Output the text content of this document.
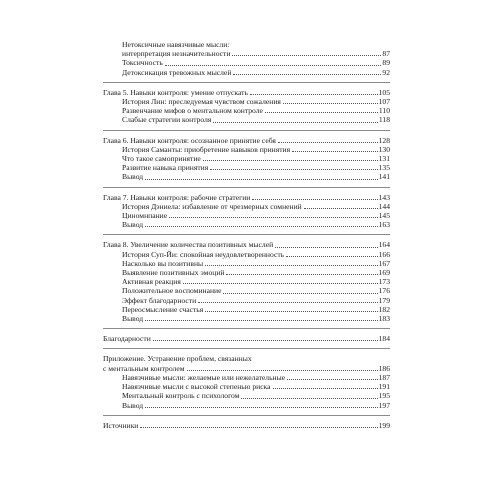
Нетоксичные навязчивые мысли:
интерпретация незначительности	87
Токсичность	89
Детоксикация тревожных мыслей	92
Глава 5. Навыки контроля: умение отпускать	105
История Лин: преследуемая чувством сожаления	107
Развенчание мифов о ментальном контроле	110
Слабые стратегии контроля	118
Глава 6. Навыки контроля: осознанное принятие себя	128
История Саманты: приобретение навыков принятия	130
Что такое самопринятие	131
Развитие навыка принятия	135
Вывод	141
Глава 7. Навыки контроля: рабочие стратегии	143
История Дэниела: избавление от чрезмерных сомнений	144
Циномнпание	145
Вывод	163
Глава 8. Увеличение количества позитивных мыслей	164
История Суп-Йи: спокойная неудовлетворенность	166
Насколько вы позитивны	167
Выявление позитивных эмоций	169
Активная реакция	173
Положительное воспоминание	176
Эффект благодарности	179
Переосмысление счастья	182
Вывод	183
Благодарности	184
Приложение. Устранение проблем, связанных
с ментальным контролем	186
Навязчивые мысли: желаемые или нежелательные	187
Навязчивые мысли с высокой степенью риска	191
Ментальный контроль с психологом	195
Вывод	197
Источники	199
